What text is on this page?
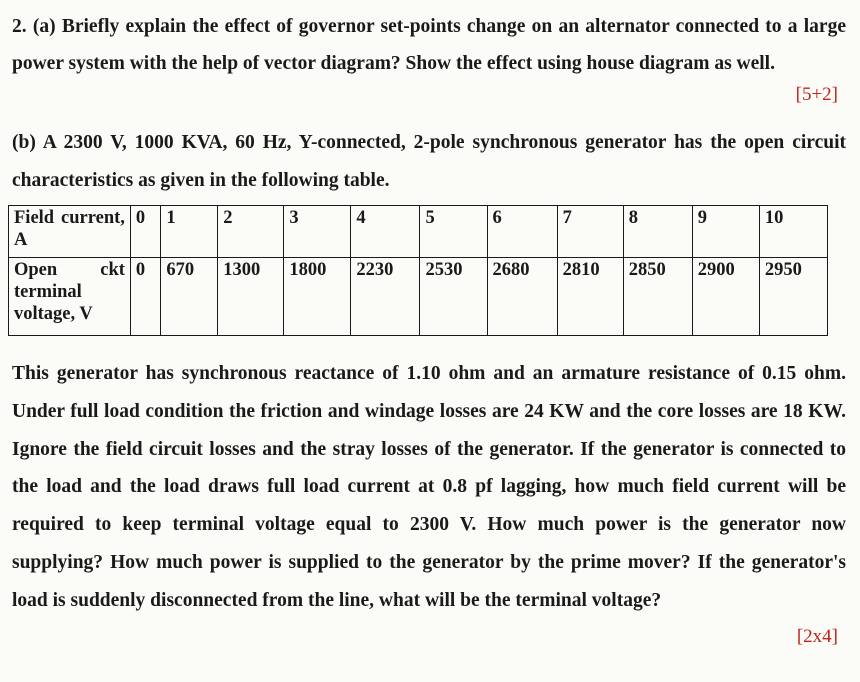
2. (a) Briefly explain the effect of governor set-points change on an alternator connected to a large power system with the help of vector diagram? Show the effect using house diagram as well.
[5+2]
(b) A 2300 V, 1000 KVA, 60 Hz, Y-connected, 2-pole synchronous generator has the open circuit characteristics as given in the following table.
Field current, A	0	1	2	3	4	5	6	7	8	9	10
Open ckt terminal voltage, V	0	670	1300	1800	2230	2530	2680	2810	2850	2900	2950
This generator has synchronous reactance of 1.10 ohm and an armature resistance of 0.15 ohm. Under full load condition the friction and windage losses are 24 KW and the core losses are 18 KW. Ignore the field circuit losses and the stray losses of the generator. If the generator is connected to the load and the load draws full load current at 0.8 pf lagging, how much field current will be required to keep terminal voltage equal to 2300 V. How much power is the generator now supplying? How much power is supplied to the generator by the prime mover? If the generator's load is suddenly disconnected from the line, what will be the terminal voltage?
[2x4]
